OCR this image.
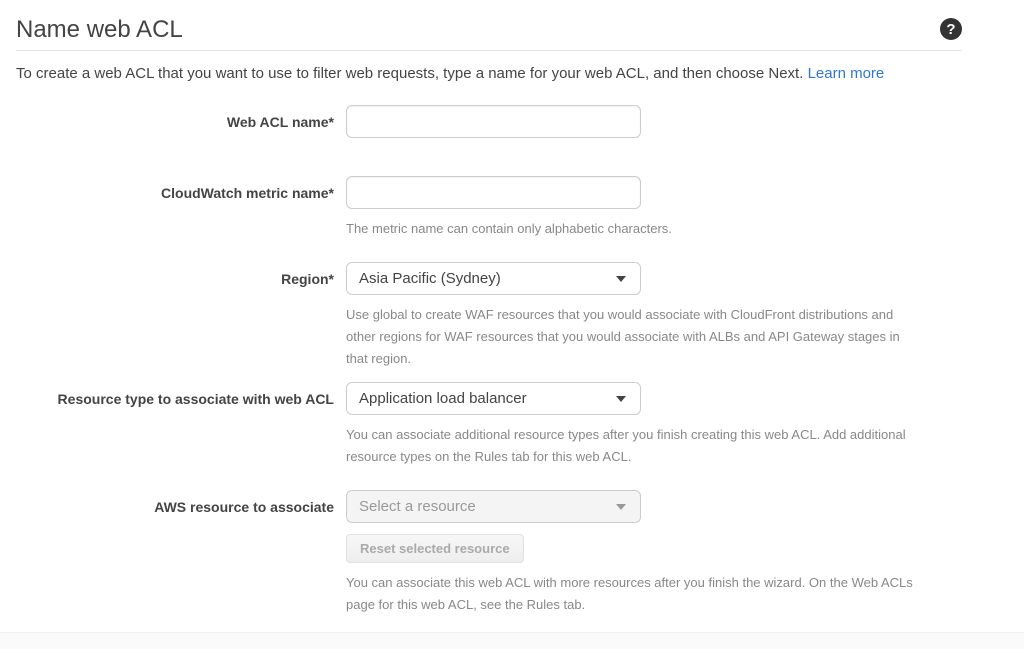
Name web ACL	?

To create a web ACL that you want to use to filter web requests, type a name for your web ACL, and then choose Next. Learn more

Web ACL name*
CloudWatch metric name*
The metric name can contain only alphabetic characters.
Region*	Asia Pacific (Sydney)
Use global to create WAF resources that you would associate with CloudFront distributions and other regions for WAF resources that you would associate with ALBs and API Gateway stages in that region.
Resource type to associate with web ACL	Application load balancer
You can associate additional resource types after you finish creating this web ACL. Add additional resource types on the Rules tab for this web ACL.
AWS resource to associate	Select a resource
Reset selected resource
You can associate this web ACL with more resources after you finish the wizard. On the Web ACLs page for this web ACL, see the Rules tab.
